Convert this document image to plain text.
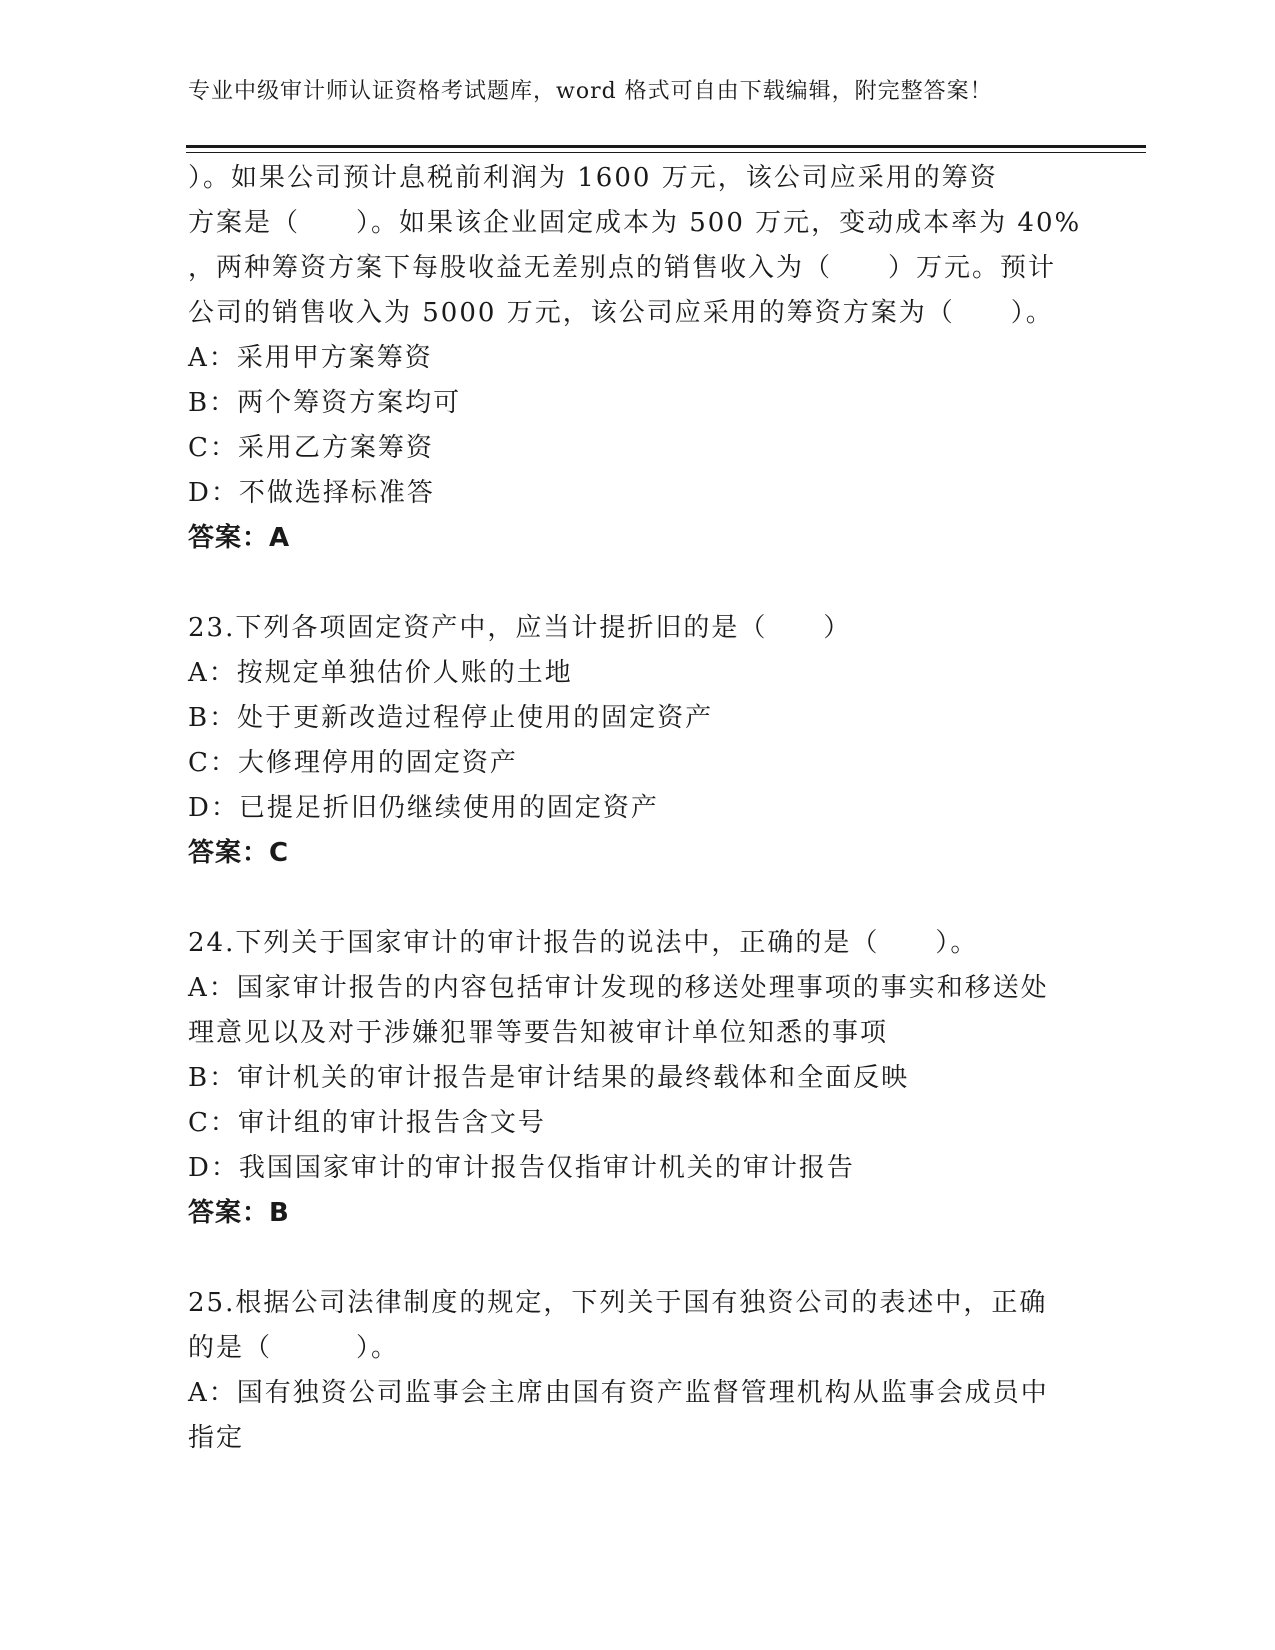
专业中级审计师认证资格考试题库，word 格式可自由下载编辑，附完整答案！
）。如果公司预计息税前利润为 1600 万元，该公司应采用的筹资
方案是（　　）。如果该企业固定成本为 500 万元，变动成本率为 40%
，两种筹资方案下每股收益无差别点的销售收入为（　　）万元。预计
公司的销售收入为 5000 万元，该公司应采用的筹资方案为（　　）。
A：采用甲方案筹资
B：两个筹资方案均可
C：采用乙方案筹资
D：不做选择标准答
答案：A
23.下列各项固定资产中，应当计提折旧的是（　　）
A：按规定单独估价人账的土地
B：处于更新改造过程停止使用的固定资产
C：大修理停用的固定资产
D：已提足折旧仍继续使用的固定资产
答案：C
24.下列关于国家审计的审计报告的说法中，正确的是（　　）。
A：国家审计报告的内容包括审计发现的移送处理事项的事实和移送处
理意见以及对于涉嫌犯罪等要告知被审计单位知悉的事项
B：审计机关的审计报告是审计结果的最终载体和全面反映
C：审计组的审计报告含文号
D：我国国家审计的审计报告仅指审计机关的审计报告
答案：B
25.根据公司法律制度的规定，下列关于国有独资公司的表述中，正确
的是（　　　）。
A：国有独资公司监事会主席由国有资产监督管理机构从监事会成员中
指定
